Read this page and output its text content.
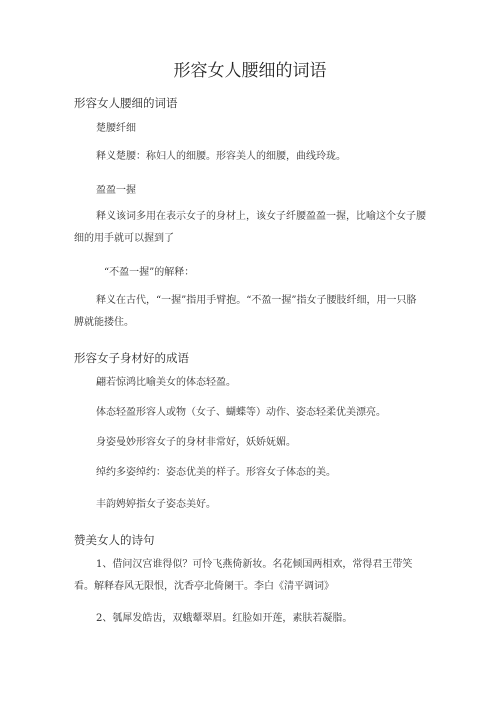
形容女人腰细的词语
形容女人腰细的词语
楚腰纤细
释义楚腰：称妇人的细腰。形容美人的细腰，曲线玲珑。
盈盈一握
释义该词多用在表示女子的身材上，该女子纤腰盈盈一握，比喻这个女子腰细的用手就可以握到了
“不盈一握”的解释：
释义在古代，“一握”指用手臂抱。“不盈一握”指女子腰肢纤细，用一只胳膊就能搂住。
形容女子身材好的成语
翩若惊鸿比喻美女的体态轻盈。
体态轻盈形容人或物（女子、蝴蝶等）动作、姿态轻柔优美漂亮。
身姿曼妙形容女子的身材非常好，妖娇妩媚。
绰约多姿绰约：姿态优美的样子。形容女子体态的美。
丰韵娉婷指女子姿态美好。
赞美女人的诗句
1、借问汉宫谁得似？可怜飞燕倚新妆。名花倾国两相欢，常得君王带笑看。解释春风无限恨，沈香亭北倚阑干。李白《清平调词》
2、瓠犀发皓齿，双蛾颦翠眉。红脸如开莲，素肤若凝脂。
